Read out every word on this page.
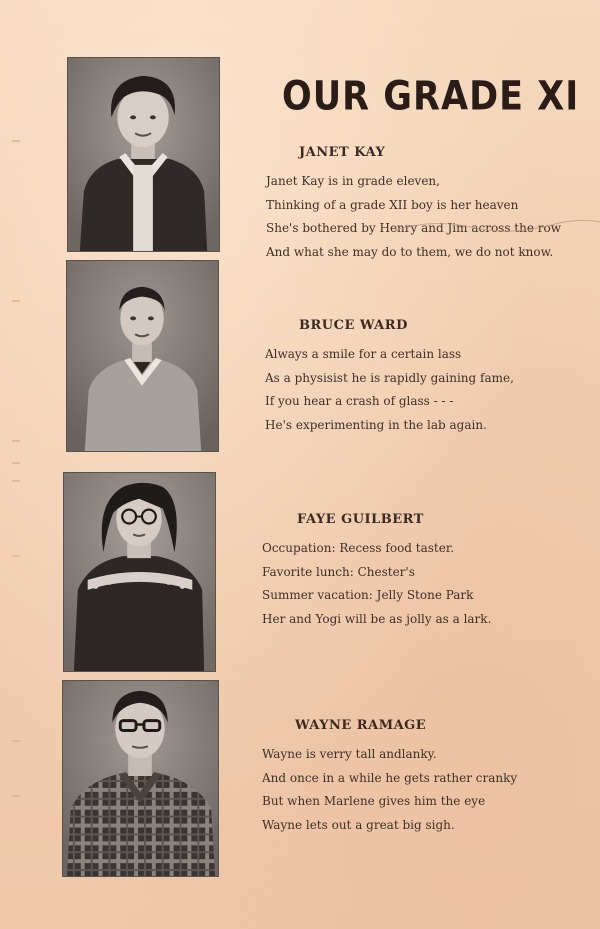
OUR GRADE XI
JANET KAY
Janet Kay is in grade eleven,
Thinking of a grade XII boy is her heaven
She's bothered by Henry and Jim across the row
And what she may do to them, we do not know.
BRUCE WARD
Always a smile for a certain lass
As a physisist he is rapidly gaining fame,
If you hear a crash of glass - - -
He's experimenting in the lab again.
FAYE GUILBERT
Occupation: Recess food taster.
Favorite lunch: Chester's
Summer vacation: Jelly Stone Park
Her and Yogi will be as jolly as a lark.
WAYNE RAMAGE
Wayne is verry tall andlanky.
And once in a while he gets rather cranky
But when Marlene gives him the eye
Wayne lets out a great big sigh.
